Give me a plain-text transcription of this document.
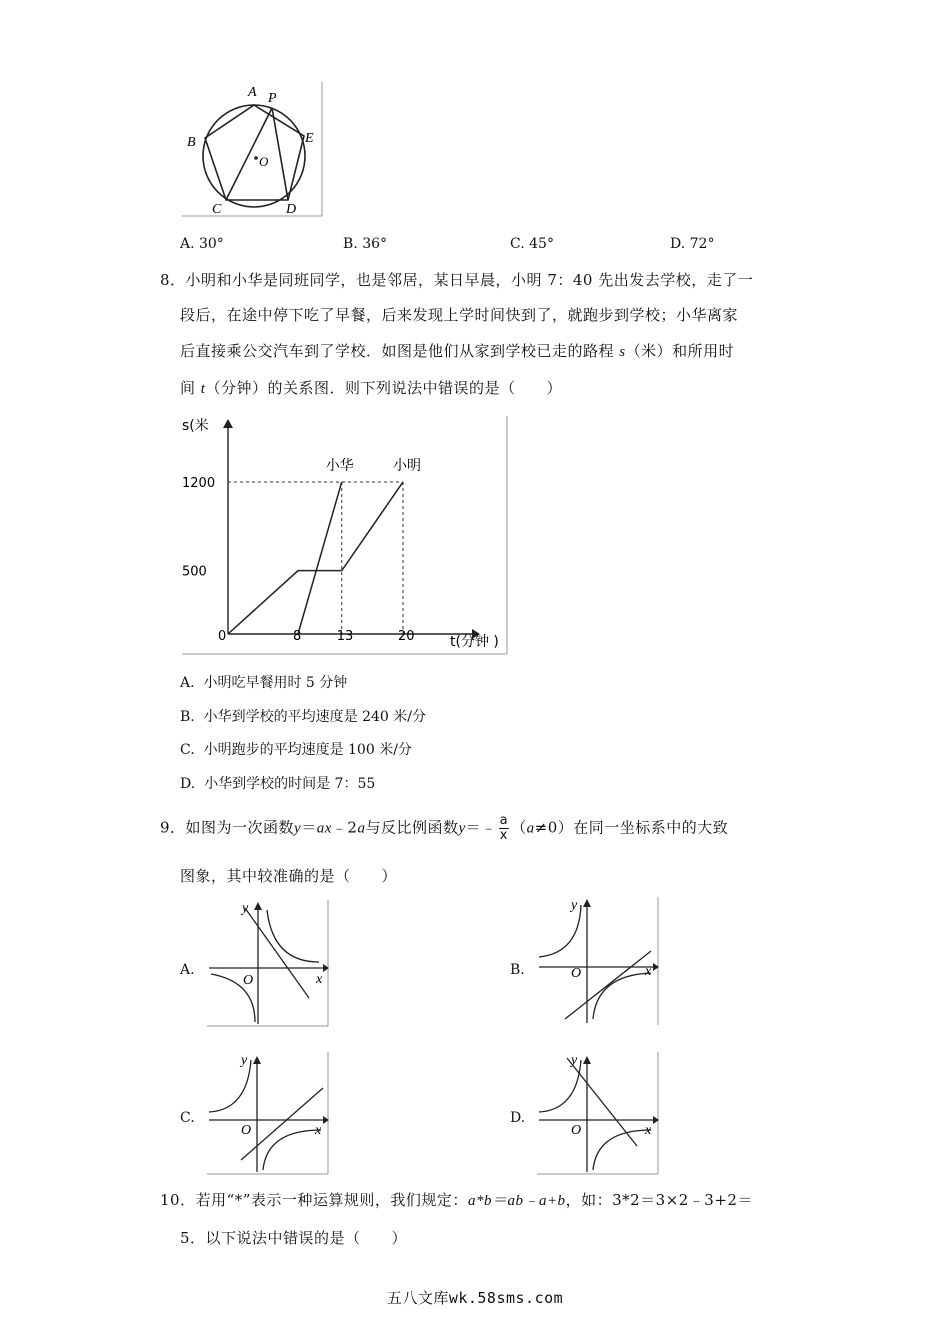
A P
B	E
O
C	D
A. 30°	B. 36°	C. 45°	D. 72°
8．小明和小华是同班同学，也是邻居，某日早晨，小明 7：40 先出发去学校，走了一
段后，在途中停下吃了早餐，后来发现上学时间快到了，就跑步到学校；小华离家
后直接乘公交汽车到了学校．如图是他们从家到学校已走的路程 s（米）和所用时
间 t（分钟）的关系图．则下列说法中错误的是（　　）
s(米
t(分钟 )
0	8	13	20
500
1200
小华	小明
A. 小明吃早餐用时 5 分钟
B. 小华到学校的平均速度是 240 米/分
C. 小明跑步的平均速度是 100 米/分
D. 小华到学校的时间是 7：55
9．如图为一次函数y＝ax﹣2a与反比例函数y＝﹣ $\frac{a}{x} (a\ne 0)$在同一坐标系中的大致
图象，其中较准确的是（　　）
A.	B.
C.	D.
y
x
O
y
x
O
y
x
O
y
x
O
10．若用“*”表示一种运算规则，我们规定：a*b＝ab﹣a+b，如：3*2＝3×2﹣3+2＝
5．以下说法中错误的是（　　）
五八文库wk.58sms.com
